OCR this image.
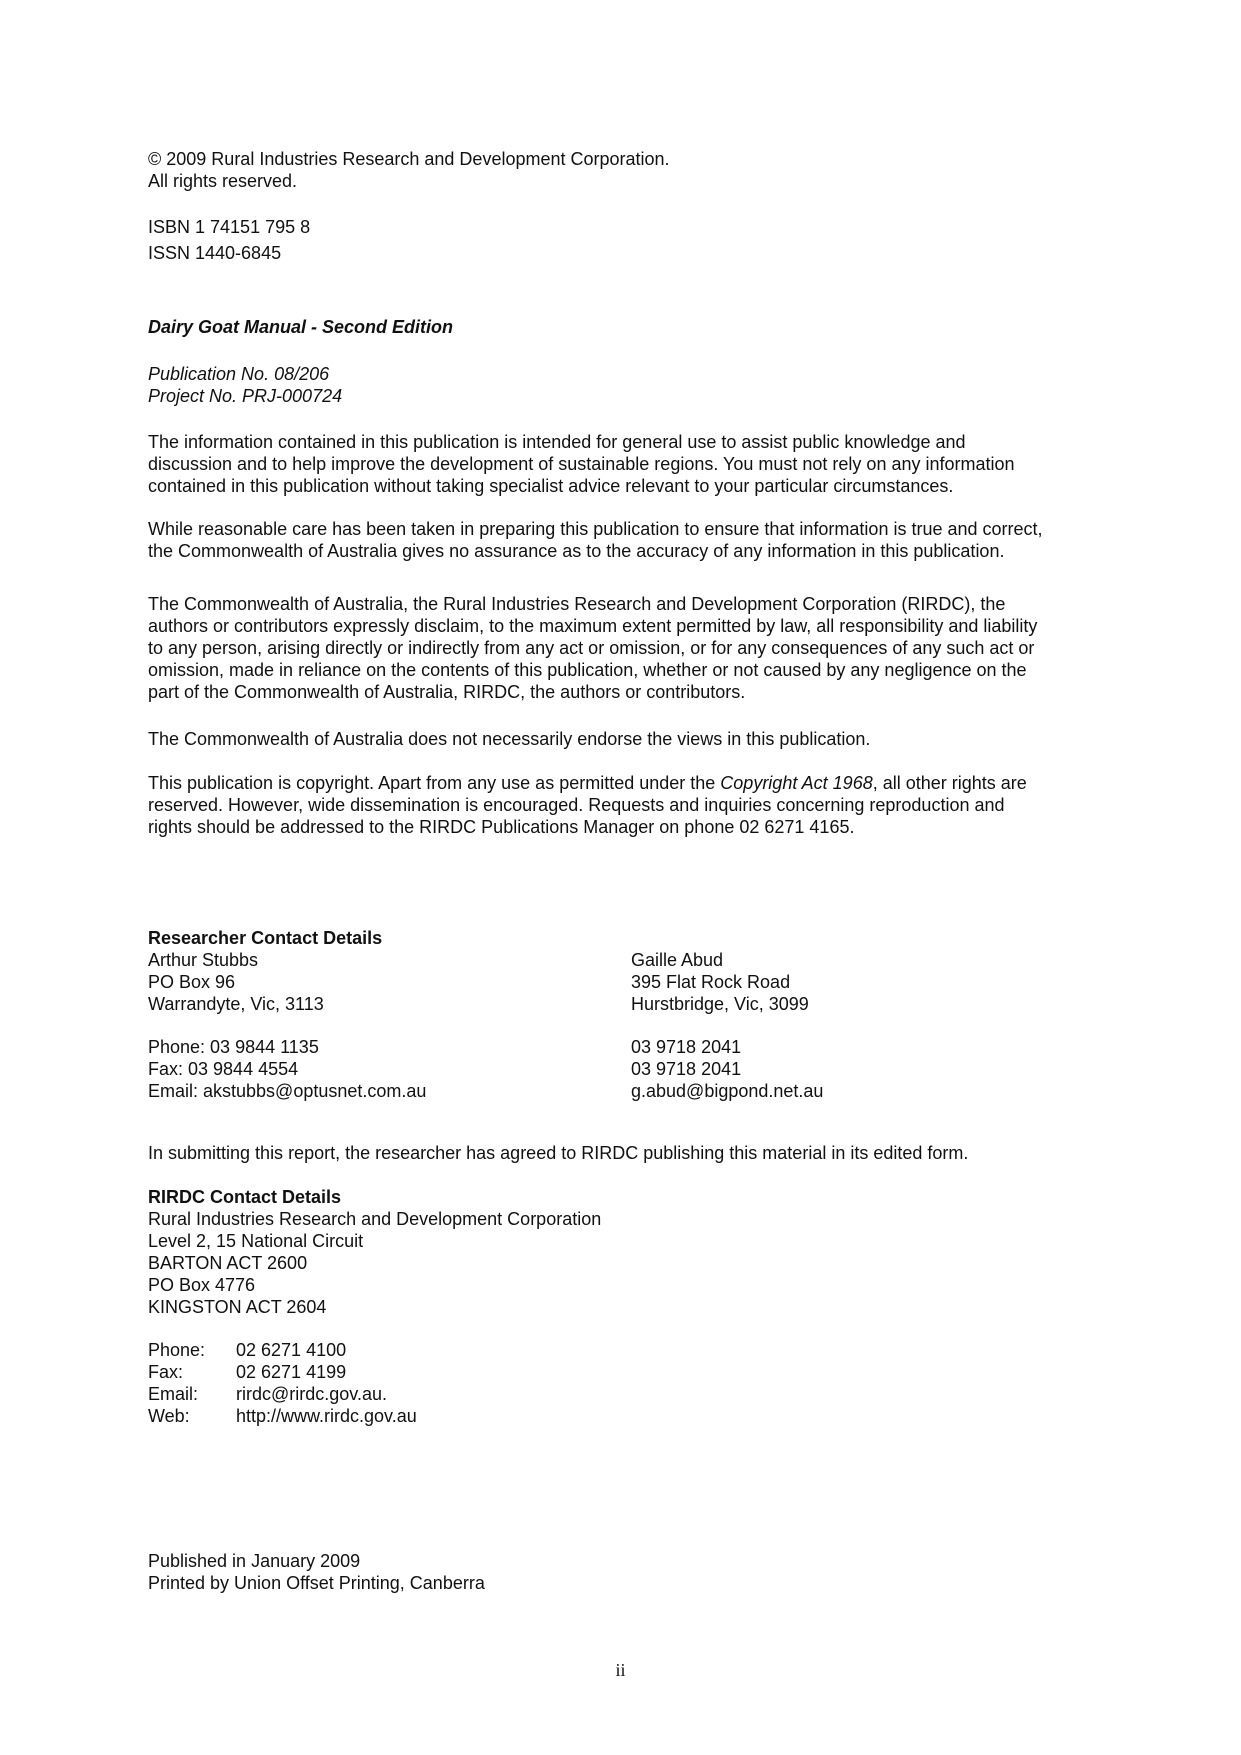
© 2009 Rural Industries Research and Development Corporation.
All rights reserved.
ISBN 1 74151 795 8
ISSN 1440-6845
Dairy Goat Manual - Second Edition
Publication No. 08/206
Project No. PRJ-000724
The information contained in this publication is intended for general use to assist public knowledge and
discussion and to help improve the development of sustainable regions. You must not rely on any information
contained in this publication without taking specialist advice relevant to your particular circumstances.
While reasonable care has been taken in preparing this publication to ensure that information is true and correct,
the Commonwealth of Australia gives no assurance as to the accuracy of any information in this publication.
The Commonwealth of Australia, the Rural Industries Research and Development Corporation (RIRDC), the
authors or contributors expressly disclaim, to the maximum extent permitted by law, all responsibility and liability
to any person, arising directly or indirectly from any act or omission, or for any consequences of any such act or
omission, made in reliance on the contents of this publication, whether or not caused by any negligence on the
part of the Commonwealth of Australia, RIRDC, the authors or contributors.
The Commonwealth of Australia does not necessarily endorse the views in this publication.
This publication is copyright. Apart from any use as permitted under the Copyright Act 1968, all other rights are
reserved. However, wide dissemination is encouraged. Requests and inquiries concerning reproduction and
rights should be addressed to the RIRDC Publications Manager on phone 02 6271 4165.
Researcher Contact Details
Arthur Stubbs
PO Box 96
Warrandyte, Vic, 3113
Phone: 03 9844 1135
Fax: 03 9844 4554
Email: akstubbs@optusnet.com.au
Gaille Abud
395 Flat Rock Road
Hurstbridge, Vic, 3099
03 9718 2041
03 9718 2041
g.abud@bigpond.net.au
In submitting this report, the researcher has agreed to RIRDC publishing this material in its edited form.
RIRDC Contact Details
Rural Industries Research and Development Corporation
Level 2, 15 National Circuit
BARTON ACT 2600
PO Box 4776
KINGSTON ACT 2604
Phone: 02 6271 4100
Fax:	02 6271 4199
Email: rirdc@rirdc.gov.au.
Web:	http://www.rirdc.gov.au
Published in January 2009
Printed by Union Offset Printing, Canberra
ii
